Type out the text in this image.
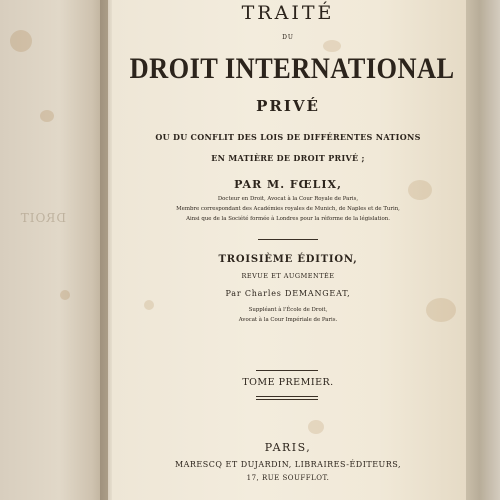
DROIT
TRAITÉ
DU
DROIT INTERNATIONAL
PRIVÉ
OU DU CONFLIT DES LOIS DE DIFFÉRENTES NATIONS
EN MATIÈRE DE DROIT PRIVÉ ;
PAR M. FŒLIX,
Docteur en Droit, Avocat à la Cour Royale de Paris,
Membre correspondant des Académies royales de Munich, de Naples et de Turin,
Ainsi que de la Société formée à Londres pour la réforme de la législation.
TROISIÈME ÉDITION,
REVUE ET AUGMENTÉE
Par Charles DEMANGEAT,
Suppléant à l'École de Droit,
Avocat à la Cour Impériale de Paris.
TOME PREMIER.
PARIS,
MARESCQ ET DUJARDIN, LIBRAIRES-ÉDITEURS,
17, RUE SOUFFLOT.
